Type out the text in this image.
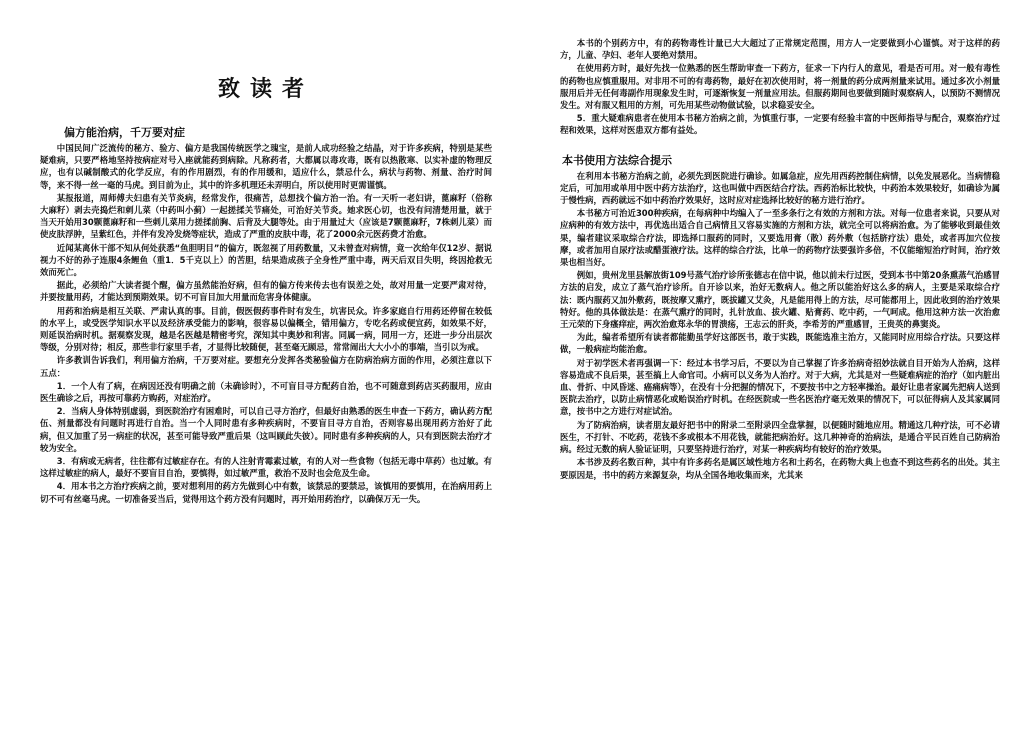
致读者
偏方能治病，千万要对症
中国民间广泛流传的秘方、验方、偏方是我国传统医学之瑰宝，是前人成功经验之结晶，对于许多疾病，特别是某些疑难病，只要严格地坚持按病症对号入座就能药到病除。凡称药者，大都属以毒攻毒，既有以热散寒、以实补虚的物理反应，也有以碱制酸式的化学反应，有的作用剧烈，有的作用缓和，适应什么，禁忌什么，病状与药物、剂量、治疗时间等，来不得一丝一毫的马虎。到目前为止，其中的许多机理还未弄明白，所以使用时更需谨慎。
某报报道，周师傅夫妇患有关节炎病，经常发作，很痛苦，总想找个偏方治一治。有一天听一老妇讲，蓖麻籽（俗称大麻籽）剥去壳捣烂和刺儿菜（中药叫小蓟）一起搓揉关节痛处，可治好关节炎。她求医心切，也没有问清楚用量，就于当天开始用30颗蓖麻籽和一些刺儿菜用力搓揉前胸、后背及大腿等处。由于用量过大（应该是7颗蓖麻籽，7株刺儿菜）而使皮肤浮肿，呈紫红色，并伴有发冷发烧等症状，造成了严重的皮肤中毒，花了2000余元医药费才治愈。
近闻某离休干部不知从何处获悉“鱼胆明目”的偏方，既忽视了用药数量，又未曾查对病情，竟一次给年仅12岁、据说视力不好的孙子连服4条鲤鱼（重1．5千克以上）的苦胆，结果造成孩子全身性严重中毒，两天后双目失明，终因抢救无效而死亡。
据此，必须给广大读者提个醒，偏方虽然能治好病，但有的偏方传来传去也有误差之处，故对用量一定要严肃对待，并要按量用药，才能达到预期效果。切不可盲目加大用量而危害身体健康。
用药和治病是相互关联、严肃认真的事。目前，假医假药事件时有发生，坑害民众。许多家庭自行用药还停留在较低的水平上，或受医学知识水平以及经济承受能力的影响，很容易以偏概全，错用偏方，专吃名药或便宜药，如效果不好，则延误治病时机。据观察发现，越是名医越是精密考究，深知其中奥妙和利害。同属一病，同用一方，还进一步分出层次等级，分别对待；相反，那些非行家里手者，才显得比较随便，甚至毫无顾忌，常常闹出大大小小的事端，当引以为戒。
许多教训告诉我们，利用偏方治病，千万要对症。要想充分发挥各类秘验偏方在防病治病方面的作用，必须注意以下五点：
1．一个人有了病，在病因还没有明确之前（未确诊时），不可盲目寻方配药自治，也不可随意到药店买药服用，应由医生确诊之后，再按可靠药方购药，对症治疗。
2．当病人身体特别虚弱，到医院治疗有困难时，可以自己寻方治疗，但最好由熟悉的医生申查一下药方，确认药方配伍、剂量都没有问题时再进行自治。当一个人同时患有多种疾病时，不要盲目寻方自治，否则容易出现用药方治好了此病，但又加重了另一病症的状况，甚至可能导致严重后果（这叫顾此失彼）。同时患有多种疾病的人，只有到医院去治疗才较为安全。
3．有病或无病者，往往都有过敏症存在。有的人注射青霉素过敏，有的人对一些食物（包括无毒中草药）也过敏。有这样过敏症的病人，最好不要盲目自治，要慎得，如过敏严重，救治不及时也会危及生命。
4．用本书之方治疗疾病之前，要对想利用的药方先做到心中有数，该禁忌的要禁忌，该慎用的要慎用，在治病用药上切不可有丝毫马虎。一切准备妥当后，觉得用这个药方没有问题时，再开始用药治疗，以确保万无一失。
本书的个别药方中，有的药物毒性计量已大大超过了正常规定范围，用方人一定要做到小心谨慎。对于这样的药方，儿童、孕妇、老年人要绝对禁用。
在使用药方时，最好先找一位熟悉的医生帮助审查一下药方，征求一下内行人的意见，看是否可用。对一般有毒性的药物也应慎重服用。对非用不可的有毒药物，最好在初次使用时，将一剂量的药分成两剂量来试用。通过多次小剂量服用后并无任何毒副作用现象发生时，可逐渐恢复一剂量应用法。但服药期间也要做到随时观察病人，以预防不测情况发生。对有服又粗用的方剂，可先用某些动物做试验，以求稳妥安全。
5．重大疑难病患者在使用本书秘方治病之前，为慎重行事，一定要有经验丰富的中医师指导与配合，观察治疗过程和效果，这样对医患双方都有益处。
本书使用方法综合提示
在利用本书秘方治病之前，必须先到医院进行确诊。如属急症，应先用西药控制住病情，以免发展恶化。当病情稳定后，可加用或单用中医中药方法治疗，这也叫做中西医结合疗法。西药治标比较快，中药治本效果较好，如确诊为属于慢性病，西药就远不如中药治疗效果好，这时应对症选择比较好的秘方进行治疗。
本书秘方可治近300种疾病，在每病种中均编入了一至多条行之有效的方剂和方法。对每一位患者来说，只要从对应病种的有效方法中，再优选出适合自己病情且又容易实施的方剂和方法，就完全可以将病治愈。为了能够收到最佳效果，编者建议采取综合疗法，即选择口服药的同时，又要选用膏（散）药外敷（包括脐疗法）患处，或者再加穴位按摩，或者加用自尿疗法或醋蛋液疗法。这样的综合疗法，比单一的药物疗法要强许多倍，不仅能缩短治疗时间，治疗效果也相当好。
例如，贵州龙里县解放街109号蒸气治疗诊所张德志在信中说，他以前未行过医，受到本书中第20条熏蒸气治感冒方法的启发，成立了蒸气治疗诊所。自开诊以来，治好无数病人。他之所以能治好这么多的病人，主要是采取综合疗法：既内服药又加外敷药，既按摩又熏疗，既拔罐又艾灸，凡是能用得上的方法，尽可能都用上，因此收到的治疗效果特好。他的具体做法是：在蒸气熏疗的同时，扎针放血、拔火罐、贴膏药、吃中药，一气呵成。他用这种方法一次治愈王元荣的下身瘙痒症，两次治愈郑永华的胃溃疡，王志云的肝炎，李希芳的严重感冒，王贵英的鼻窦炎。
为此，编者希望所有读者都能勤虽学好这部医书，敢于实践，既能选准主治方，又能同时应用综合疗法。只要这样做，一般病症均能治愈。
对于初学医术者再强调一下：经过本书学习后，不要以为自己掌握了许多治病奇招妙法就自目开始为人治病，这样容易造成不良后果，甚至搞上人命官司。小病可以义务为人治疗。对于大病，尤其是对一些疑难病症的治疗（如内脏出血、骨折、中风昏迷、癌痛病等），在没有十分把握的情况下，不要按书中之方轻率操治。最好让患者家属先把病人送到医院去治疗，以防止病情恶化或贻误治疗时机。在经医院或一些名医治疗毫无效果的情况下，可以征得病人及其家属同意，按书中之方进行对症试治。
为了防病治病，读者朋友最好把书中的附录二至附录四全盘掌握，以便随时随地应用。精通这几种疗法，可不必请医生，不打针、不吃药，花钱不多或根本不用花钱，就能把病治好。这几种神奇的治病法，是通合平民百姓自己防病治病。经过无数的病人验证证明，只要坚持进行治疗，对某一种疾病均有较好的治疗效果。
本书涉及药名数百种，其中有许多药名是属区域性地方名和土药名，在药物大典上也查不到这些药名的出处。其主要原因是，书中的药方来源复杂，均从全国各地收集而来，尤其来
